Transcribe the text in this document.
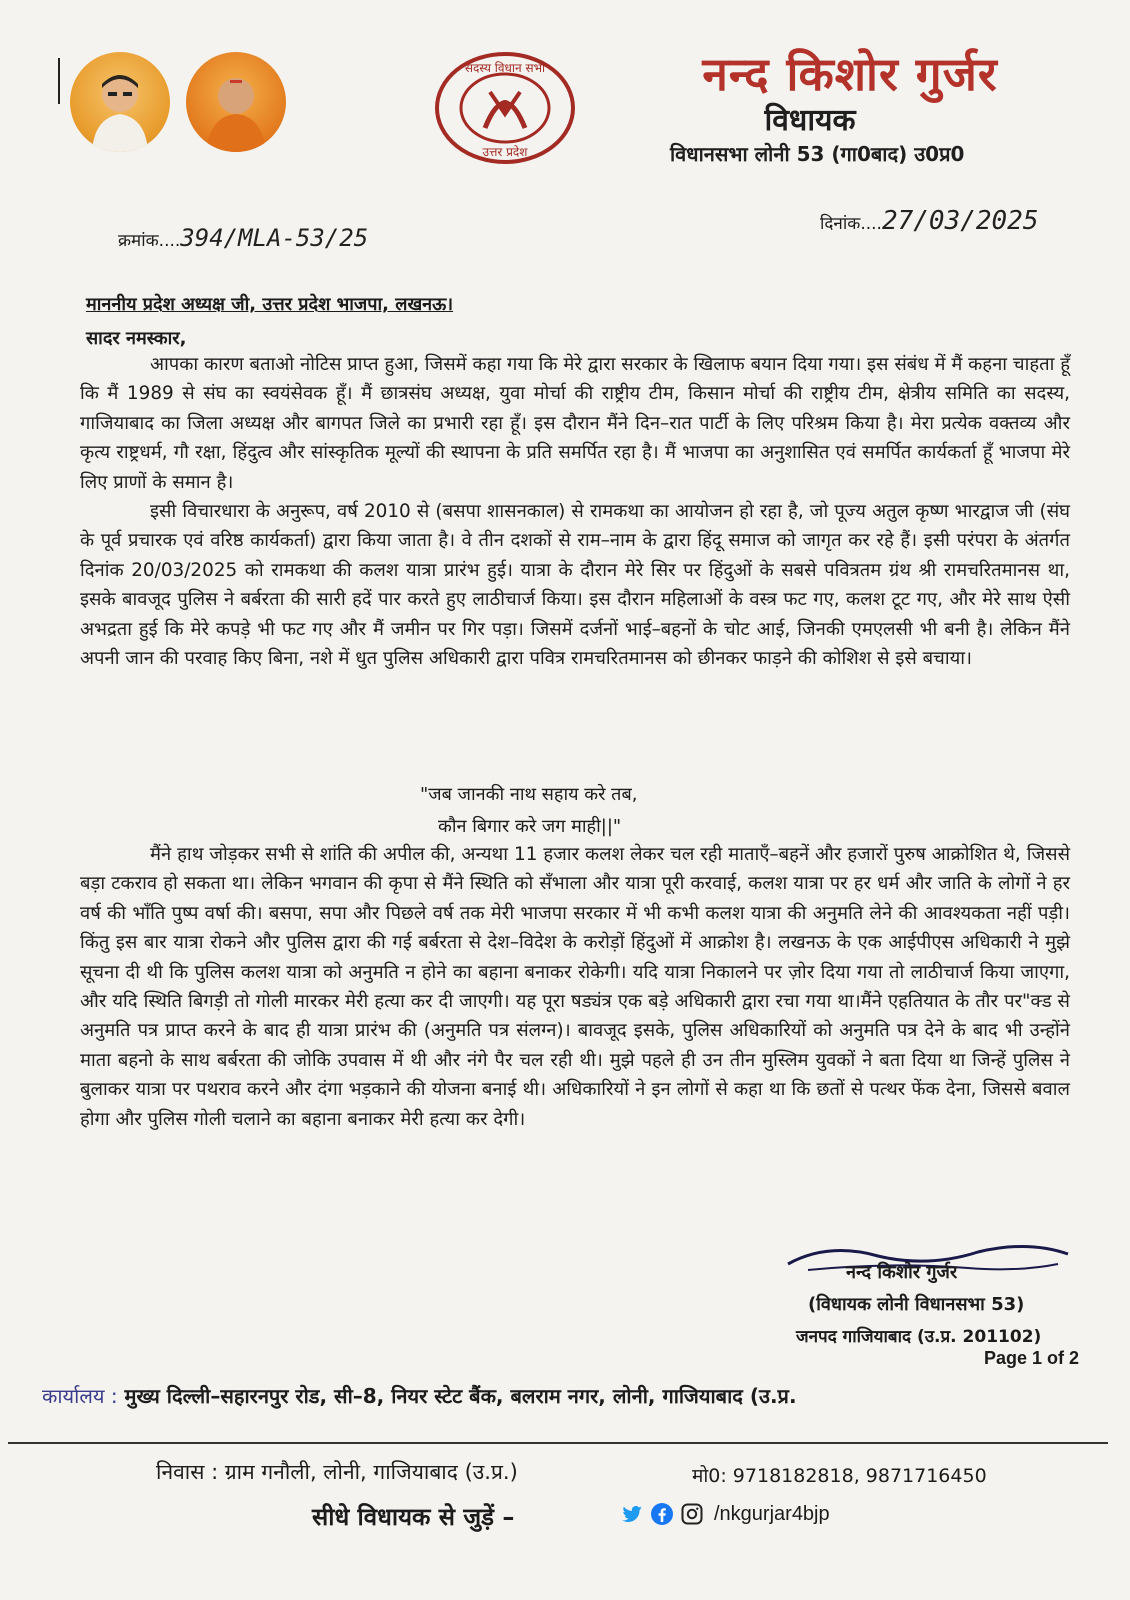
सदस्य विधान सभा
उत्तर प्रदेश
नन्द किशोर गुर्जर
विधायक
विधानसभा लोनी 53 (गा0बाद) उ0प्र0
क्रमांक....394/MLA-53/25	दिनांक....27/03/2025
माननीय प्रदेश अध्यक्ष जी, उत्तर प्रदेश भाजपा, लखनऊ।
सादर नमस्कार,

आपका कारण बताओ नोटिस प्राप्त हुआ, जिसमें कहा गया कि मेरे द्वारा सरकार के खिलाफ बयान दिया गया। इस संबंध में मैं कहना चाहता हूँ कि मैं 1989 से संघ का स्वयंसेवक हूँ। मैं छात्रसंघ अध्यक्ष, युवा मोर्चा की राष्ट्रीय टीम, किसान मोर्चा की राष्ट्रीय टीम, क्षेत्रीय समिति का सदस्य, गाजियाबाद का जिला अध्यक्ष और बागपत जिले का प्रभारी रहा हूँ। इस दौरान मैंने दिन–रात पार्टी के लिए परिश्रम किया है। मेरा प्रत्येक वक्तव्य और कृत्य राष्ट्रधर्म, गौ रक्षा, हिंदुत्व और सांस्कृतिक मूल्यों की स्थापना के प्रति समर्पित रहा है। मैं भाजपा का अनुशासित एवं समर्पित कार्यकर्ता हूँ भाजपा मेरे लिए प्राणों के समान है।

इसी विचारधारा के अनुरूप, वर्ष 2010 से (बसपा शासनकाल) से रामकथा का आयोजन हो रहा है, जो पूज्य अतुल कृष्ण भारद्वाज जी (संघ के पूर्व प्रचारक एवं वरिष्ठ कार्यकर्ता) द्वारा किया जाता है। वे तीन दशकों से राम–नाम के द्वारा हिंदू समाज को जागृत कर रहे हैं। इसी परंपरा के अंतर्गत दिनांक 20/03/2025 को रामकथा की कलश यात्रा प्रारंभ हुई। यात्रा के दौरान मेरे सिर पर हिंदुओं के सबसे पवित्रतम ग्रंथ श्री रामचरितमानस था, इसके बावजूद पुलिस ने बर्बरता की सारी हदें पार करते हुए लाठीचार्ज किया। इस दौरान महिलाओं के वस्त्र फट गए, कलश टूट गए, और मेरे साथ ऐसी अभद्रता हुई कि मेरे कपड़े भी फट गए और मैं जमीन पर गिर पड़ा। जिसमें दर्जनों भाई–बहनों के चोट आई, जिनकी एमएलसी भी बनी है। लेकिन मैंने अपनी जान की परवाह किए बिना, नशे में धुत पुलिस अधिकारी द्वारा पवित्र रामचरितमानस को छीनकर फाड़ने की कोशिश से इसे बचाया।

"जब जानकी नाथ सहाय करे तब,
कौन बिगार करे जग माही||"

मैंने हाथ जोड़कर सभी से शांति की अपील की, अन्यथा 11 हजार कलश लेकर चल रही माताएँ–बहनें और हजारों पुरुष आक्रोशित थे, जिससे बड़ा टकराव हो सकता था। लेकिन भगवान की कृपा से मैंने स्थिति को सँभाला और यात्रा पूरी करवाई, कलश यात्रा पर हर धर्म और जाति के लोगों ने हर वर्ष की भाँति पुष्प वर्षा की। बसपा, सपा और पिछले वर्ष तक मेरी भाजपा सरकार में भी कभी कलश यात्रा की अनुमति लेने की आवश्यकता नहीं पड़ी। किंतु इस बार यात्रा रोकने और पुलिस द्वारा की गई बर्बरता से देश–विदेश के करोड़ों हिंदुओं में आक्रोश है। लखनऊ के एक आईपीएस अधिकारी ने मुझे सूचना दी थी कि पुलिस कलश यात्रा को अनुमति न होने का बहाना बनाकर रोकेगी। यदि यात्रा निकालने पर ज़ोर दिया गया तो लाठीचार्ज किया जाएगा, और यदि स्थिति बिगड़ी तो गोली मारकर मेरी हत्या कर दी जाएगी। यह पूरा षड्यंत्र एक बड़े अधिकारी द्वारा रचा गया था।मैंने एहतियात के तौर पर"क्ड से अनुमति पत्र प्राप्त करने के बाद ही यात्रा प्रारंभ की (अनुमति पत्र संलग्न)। बावजूद इसके, पुलिस अधिकारियों को अनुमति पत्र देने के बाद भी उन्होंने माता बहनो के साथ बर्बरता की जोकि उपवास में थी और नंगे पैर चल रही थी। मुझे पहले ही उन तीन मुस्लिम युवकों ने बता दिया था जिन्हें पुलिस ने बुलाकर यात्रा पर पथराव करने और दंगा भड़काने की योजना बनाई थी। अधिकारियों ने इन लोगों से कहा था कि छतों से पत्थर फेंक देना, जिससे बवाल होगा और पुलिस गोली चलाने का बहाना बनाकर मेरी हत्या कर देगी।

नन्द किशोर गुर्जर
(विधायक लोनी विधानसभा 53)
जनपद गाजियाबाद (उ.प्र. 201102)
Page 1 of 2
कार्यालय : मुख्य दिल्ली–सहारनपुर रोड, सी–8, नियर स्टेट बैंक, बलराम नगर, लोनी, गाजियाबाद (उ.प्र.
निवास : ग्राम गनौली, लोनी, गाजियाबाद (उ.प्र.)	मो0: 9718182818, 9871716450
सीधे विधायक से जुड़ें –	/nkgurjar4bjp
